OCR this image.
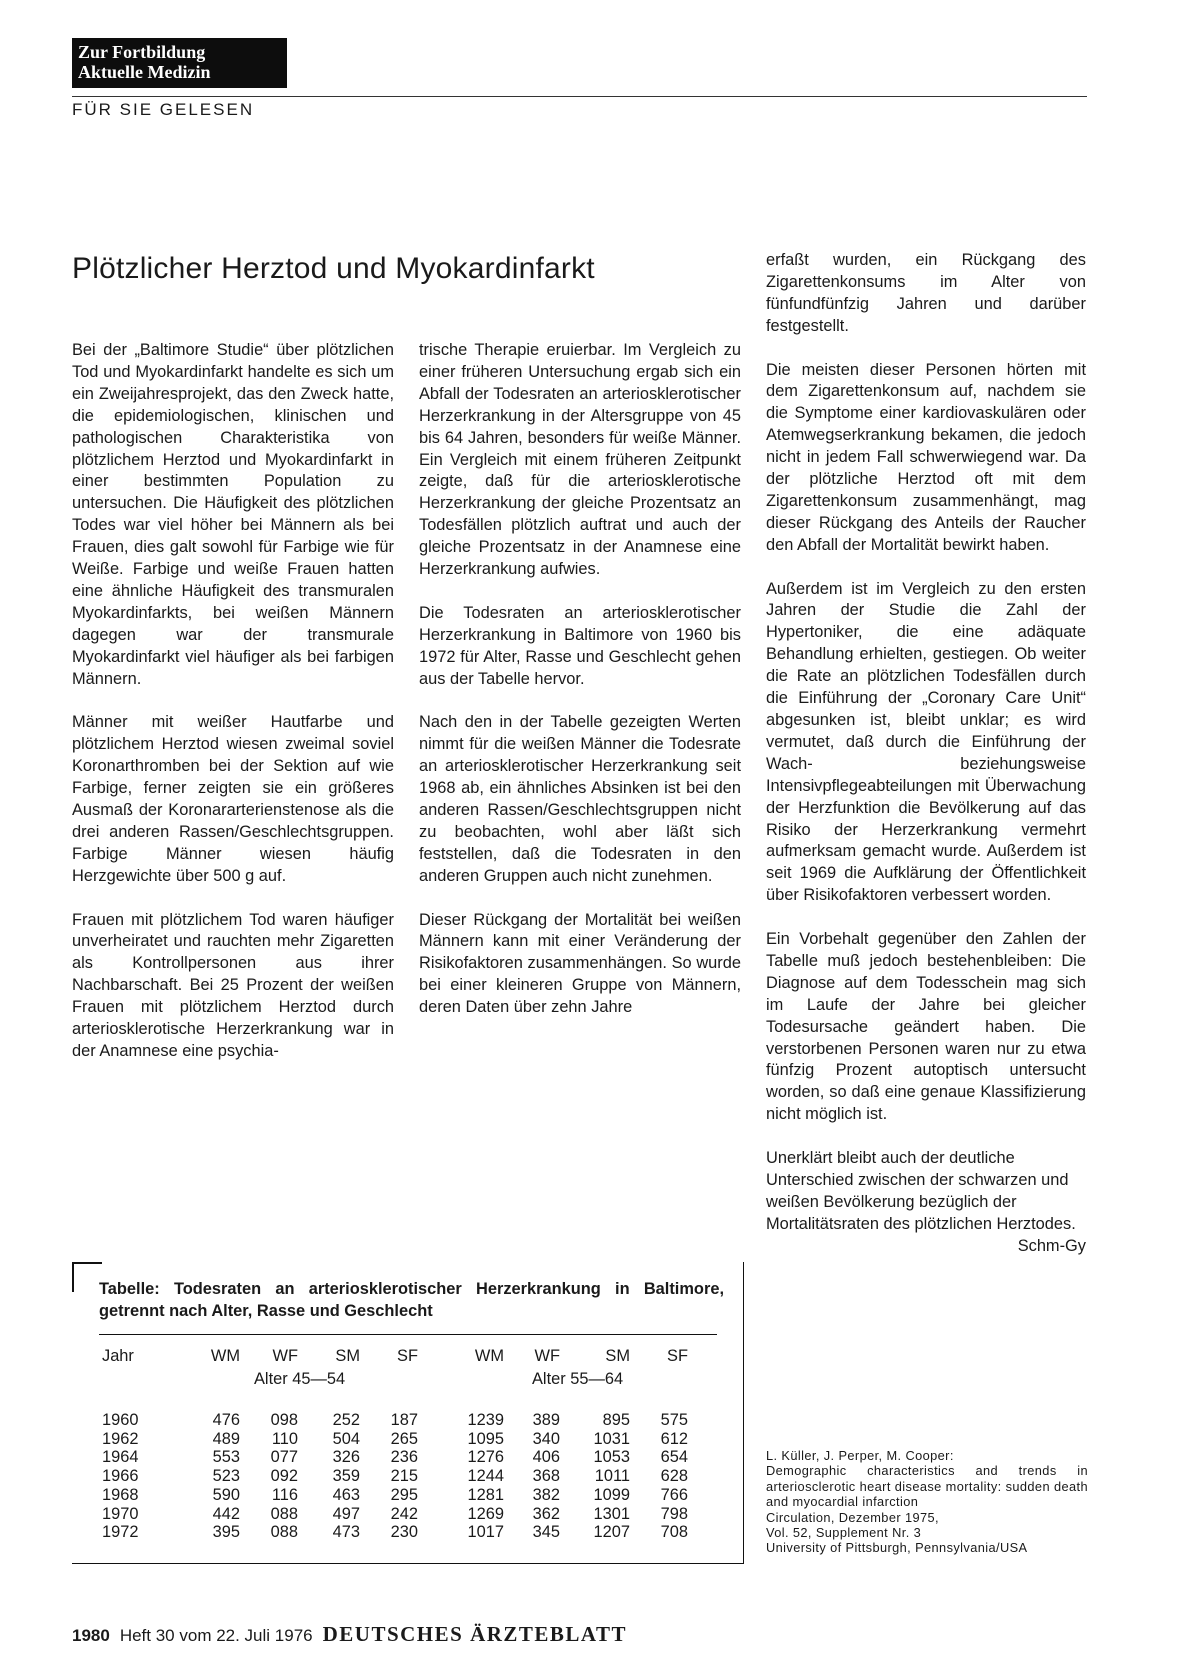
Zur Fortbildung
Aktuelle Medizin
FÜR SIE GELESEN
Plötzlicher Herztod und Myokardinfarkt

Bei der „Baltimore Studie“ über plötzlichen Tod und Myokardinfarkt handelte es sich um ein Zweijahresprojekt, das den Zweck hatte, die epidemiologischen, klinischen und pathologischen Charakteristika von plötzlichem Herztod und Myokardinfarkt in einer bestimmten Population zu untersuchen. Die Häufigkeit des plötzlichen Todes war viel höher bei Männern als bei Frauen, dies galt sowohl für Farbige wie für Weiße. Farbige und weiße Frauen hatten eine ähnliche Häufigkeit des transmuralen Myokardinfarkts, bei weißen Männern dagegen war der transmurale Myokardinfarkt viel häufiger als bei farbigen Männern.

Männer mit weißer Hautfarbe und plötzlichem Herztod wiesen zweimal soviel Koronarthromben bei der Sektion auf wie Farbige, ferner zeigten sie ein größeres Ausmaß der Koronararterienstenose als die drei anderen Rassen/Geschlechtsgruppen. Farbige Männer wiesen häufig Herzgewichte über 500 g auf.

Frauen mit plötzlichem Tod waren häufiger unverheiratet und rauchten mehr Zigaretten als Kontrollpersonen aus ihrer Nachbarschaft. Bei 25 Prozent der weißen Frauen mit plötzlichem Herztod durch arteriosklerotische Herzerkrankung war in der Anamnese eine psychia-

trische Therapie eruierbar. Im Vergleich zu einer früheren Untersuchung ergab sich ein Abfall der Todesraten an arteriosklerotischer Herzerkrankung in der Altersgruppe von 45 bis 64 Jahren, besonders für weiße Männer. Ein Vergleich mit einem früheren Zeitpunkt zeigte, daß für die arteriosklerotische Herzerkrankung der gleiche Prozentsatz an Todesfällen plötzlich auftrat und auch der gleiche Prozentsatz in der Anamnese eine Herzerkrankung aufwies.

Die Todesraten an arteriosklerotischer Herzerkrankung in Baltimore von 1960 bis 1972 für Alter, Rasse und Geschlecht gehen aus der Tabelle hervor.

Nach den in der Tabelle gezeigten Werten nimmt für die weißen Männer die Todesrate an arteriosklerotischer Herzerkrankung seit 1968 ab, ein ähnliches Absinken ist bei den anderen Rassen/Geschlechtsgruppen nicht zu beobachten, wohl aber läßt sich feststellen, daß die Todesraten in den anderen Gruppen auch nicht zunehmen.

Dieser Rückgang der Mortalität bei weißen Männern kann mit einer Veränderung der Risikofaktoren zusammenhängen. So wurde bei einer kleineren Gruppe von Männern, deren Daten über zehn Jahre

erfaßt wurden, ein Rückgang des Zigarettenkonsums im Alter von fünfundfünfzig Jahren und darüber festgestellt.

Die meisten dieser Personen hörten mit dem Zigarettenkonsum auf, nachdem sie die Symptome einer kardiovaskulären oder Atemwegserkrankung bekamen, die jedoch nicht in jedem Fall schwerwiegend war. Da der plötzliche Herztod oft mit dem Zigarettenkonsum zusammenhängt, mag dieser Rückgang des Anteils der Raucher den Abfall der Mortalität bewirkt haben.

Außerdem ist im Vergleich zu den ersten Jahren der Studie die Zahl der Hypertoniker, die eine adäquate Behandlung erhielten, gestiegen. Ob weiter die Rate an plötzlichen Todesfällen durch die Einführung der „Coronary Care Unit“ abgesunken ist, bleibt unklar; es wird vermutet, daß durch die Einführung der Wach- beziehungsweise Intensivpflegeabteilungen mit Überwachung der Herzfunktion die Bevölkerung auf das Risiko der Herzerkrankung vermehrt aufmerksam gemacht wurde. Außerdem ist seit 1969 die Aufklärung der Öffentlichkeit über Risikofaktoren verbessert worden.

Ein Vorbehalt gegenüber den Zahlen der Tabelle muß jedoch bestehenbleiben: Die Diagnose auf dem Todesschein mag sich im Laufe der Jahre bei gleicher Todesursache geändert haben. Die verstorbenen Personen waren nur zu etwa fünfzig Prozent autoptisch untersucht worden, so daß eine genaue Klassifizierung nicht möglich ist.

Unerklärt bleibt auch der deutliche Unterschied zwischen der schwarzen und weißen Bevölkerung bezüglich der Mortalitätsraten des plötzlichen Herztodes.
Schm-Gy

Tabelle: Todesraten an arteriosklerotischer Herzerkrankung in Baltimore, getrennt nach Alter, Rasse und Geschlecht
Alter 45—54	Alter 55—64
Jahr	WM WF SM SF	WM WF	SM SF
1960	476 098 252 187	1239 389	895 575
1962	489 110 504 265	1095 340 1031 612
1964	553 077 326 236	1276 406 1053 654
1966	523 092 359 215	1244 368 1011 628
1968	590 116 463 295	1281 382 1099 766
1970	442 088 497 242	1269 362 1301 798
1972	395 088 473 230	1017 345 1207 708
L. Küller, J. Perper, M. Cooper:
Demographic characteristics and trends in arteriosclerotic heart disease mortality: sudden death and myocardial infarction
Circulation, Dezember 1975,
Vol. 52, Supplement Nr. 3
University of Pittsburgh, Pennsylvania/USA
1980 Heft 30 vom 22. Juli 1976 DEUTSCHES ÄRZTEBLATT
